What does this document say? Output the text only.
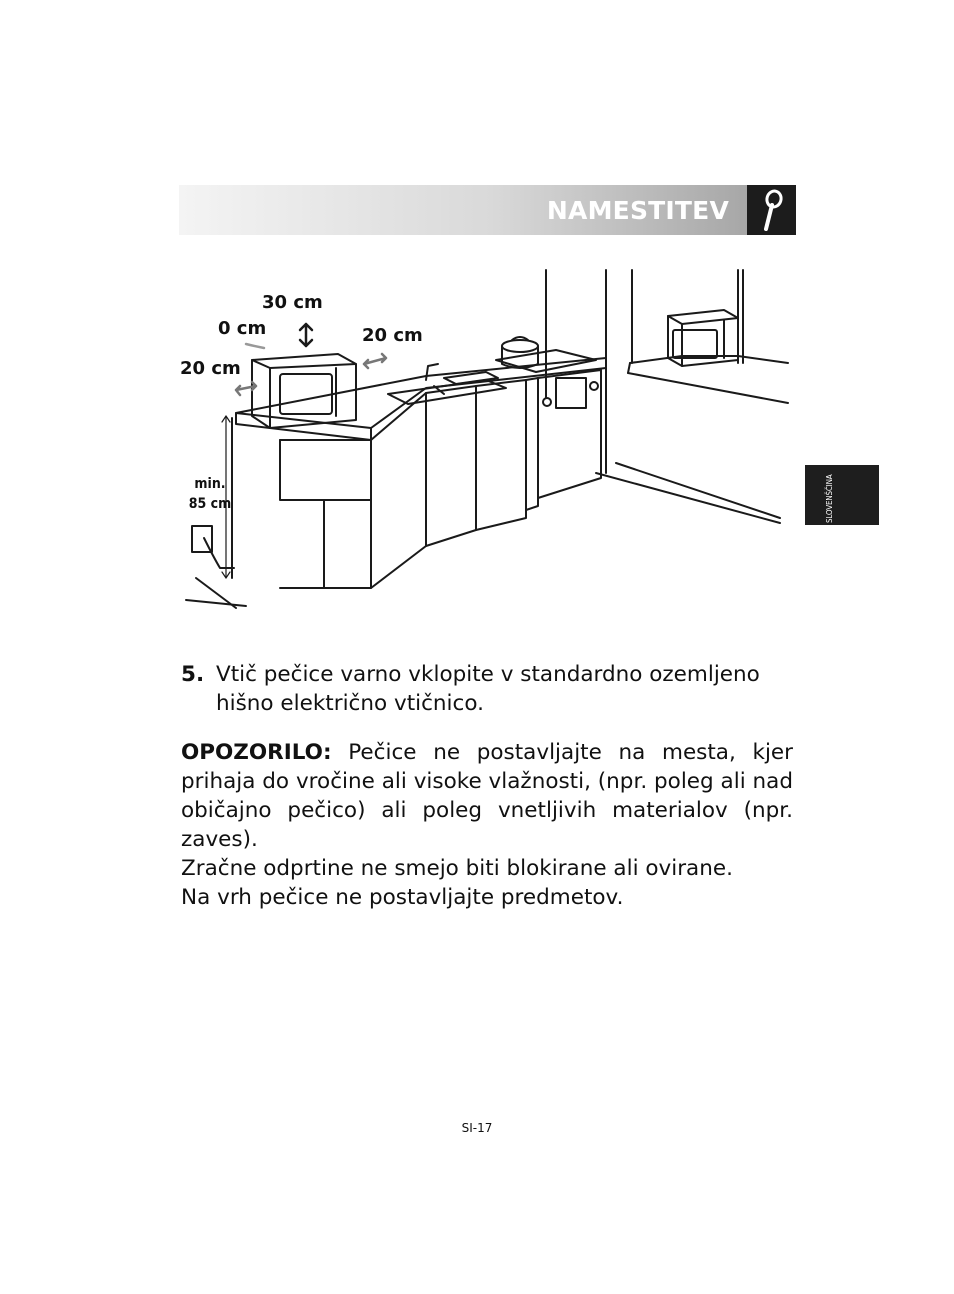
NAMESTITEV
SLOVENŠČINA
30 cm
0 cm
20 cm
20 cm
min.
85 cm
5. Vtič pečice varno vklopite v standardno ozemljeno hišno električno vtičnico.
OPOZORILO: Pečice ne postavljajte na mesta, kjer prihaja do vročine ali visoke vlažnosti, (npr. poleg ali nad običajno pečico) ali poleg vnetljivih materialov (npr. zaves).

Zračne odprtine ne smejo biti blokirane ali ovirane.

Na vrh pečice ne postavljajte predmetov.

SI-17
